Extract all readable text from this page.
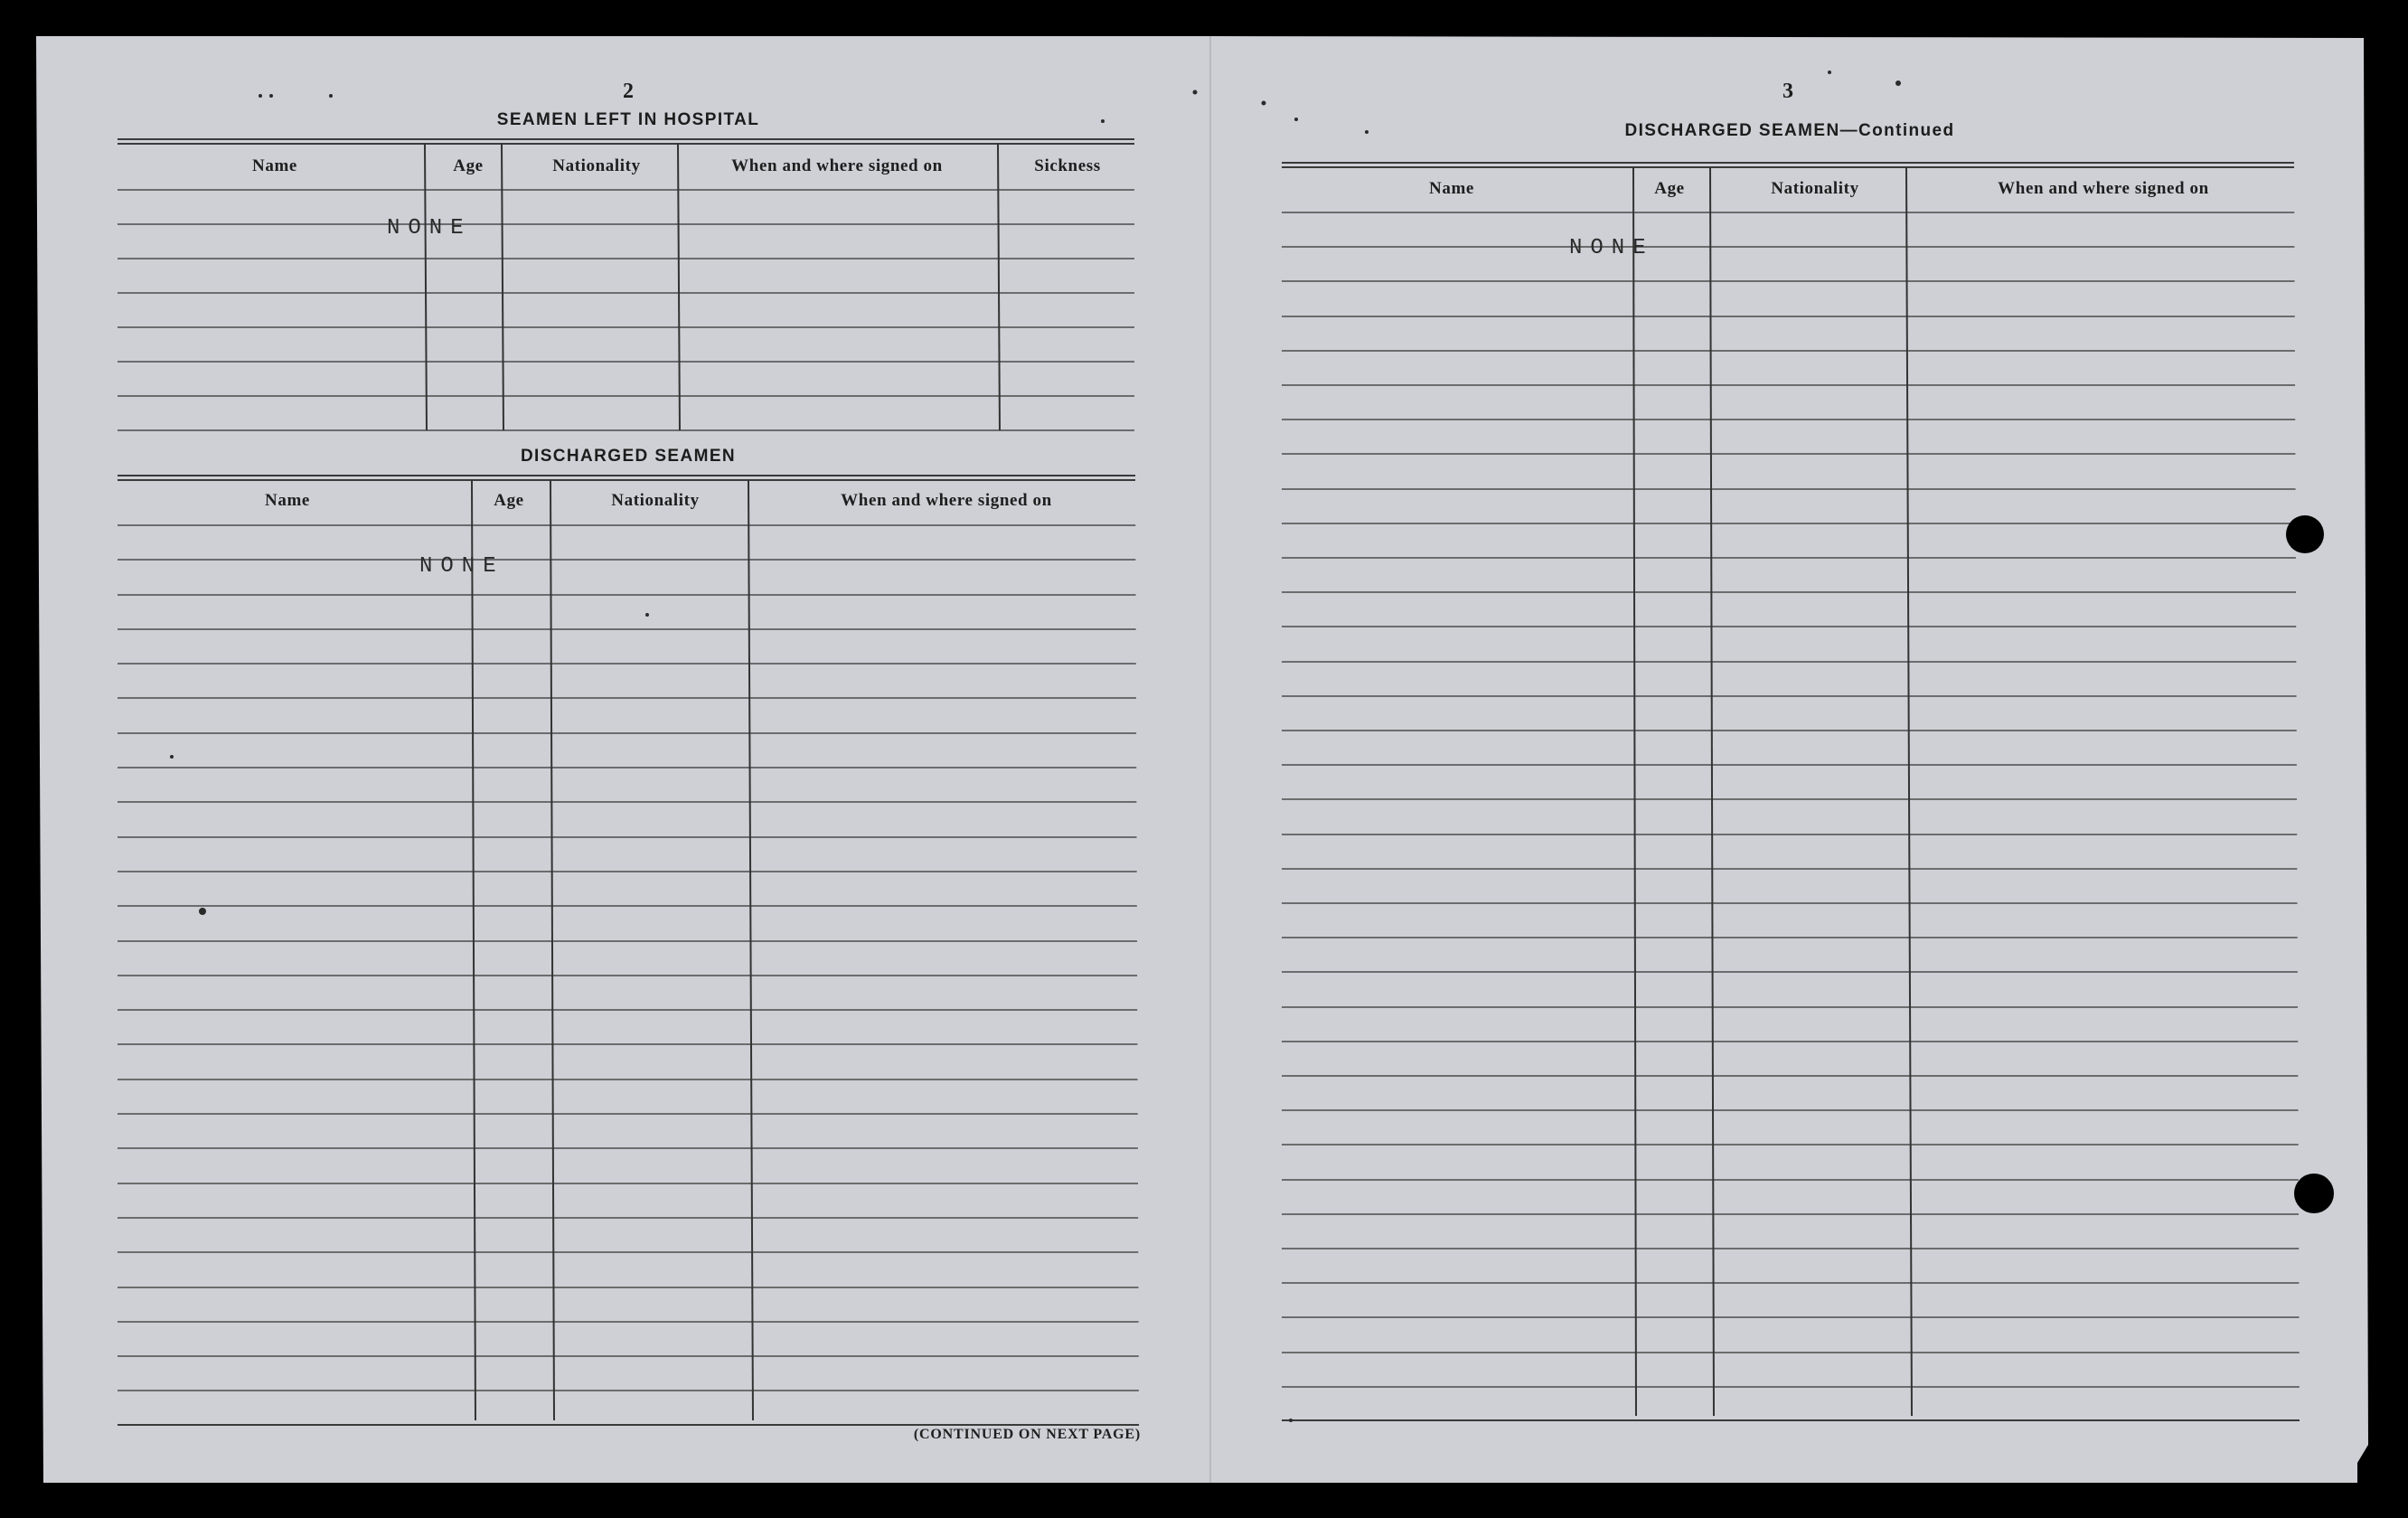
2
SEAMEN LEFT IN HOSPITAL
Name	Age	Nationality	When and where signed on	Sickness
NONE
DISCHARGED SEAMEN
Name	Age	Nationality	When and where signed on
NONE
(CONTINUED ON NEXT PAGE)
3
DISCHARGED SEAMEN—Continued
Name	Age	Nationality	When and where signed on
NONE
